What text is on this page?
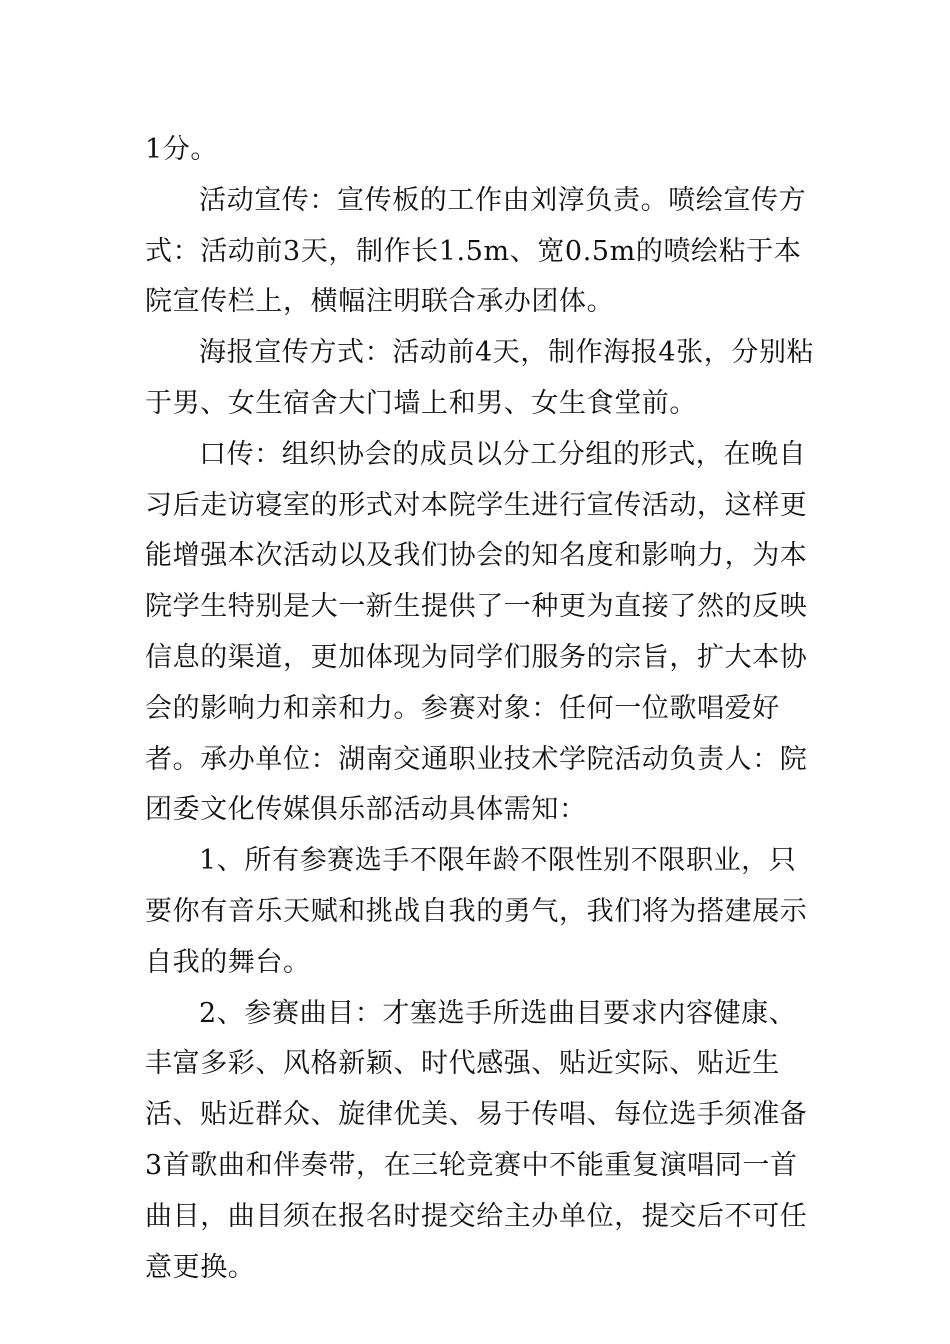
1分。

活动宣传：宣传板的工作由刘淳负责。喷绘宣传方式：活动前3天，制作长1.5m、宽0.5m的喷绘粘于本院宣传栏上，横幅注明联合承办团体。

海报宣传方式：活动前4天，制作海报4张，分别粘于男、女生宿舍大门墙上和男、女生食堂前。

口传：组织协会的成员以分工分组的形式，在晚自习后走访寝室的形式对本院学生进行宣传活动，这样更能增强本次活动以及我们协会的知名度和影响力，为本院学生特别是大一新生提供了一种更为直接了然的反映信息的渠道，更加体现为同学们服务的宗旨，扩大本协会的影响力和亲和力。参赛对象：任何一位歌唱爱好者。承办单位：湖南交通职业技术学院活动负责人：院团委文化传媒俱乐部活动具体需知：

1、所有参赛选手不限年龄不限性别不限职业，只要你有音乐天赋和挑战自我的勇气，我们将为搭建展示自我的舞台。

2、参赛曲目：才塞选手所选曲目要求内容健康、丰富多彩、风格新颖、时代感强、贴近实际、贴近生活、贴近群众、旋律优美、易于传唱、每位选手须准备3首歌曲和伴奏带，在三轮竞赛中不能重复演唱同一首曲目，曲目须在报名时提交给主办单位，提交后不可任意更换。
